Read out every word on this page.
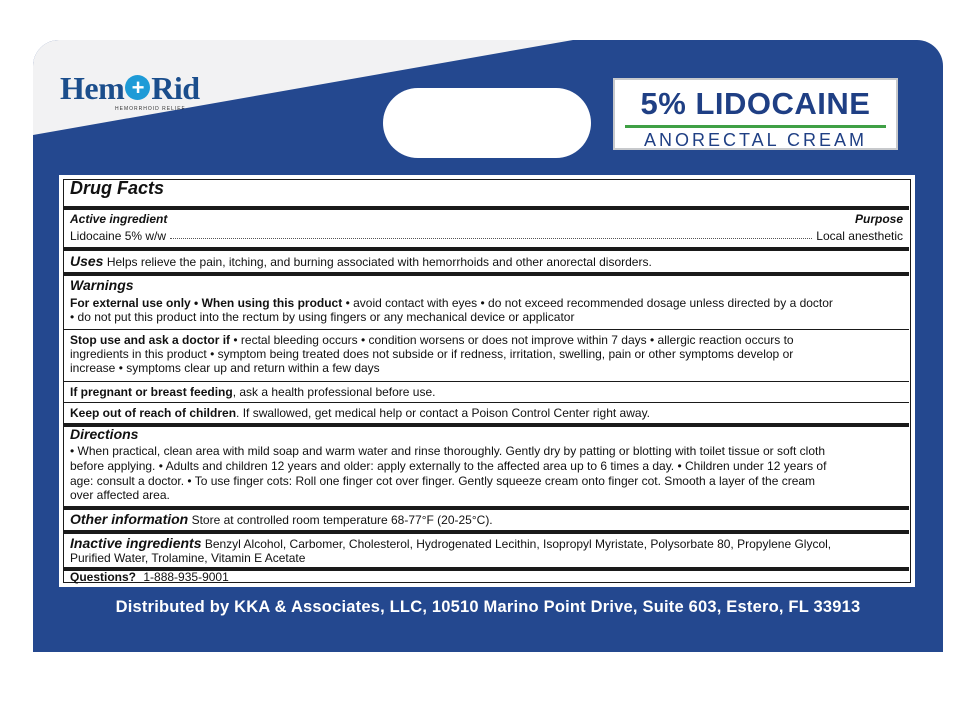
Hem + Rid
HEMORRHOID RELIEF	5% LIDOCAINE
ANORECTAL CREAM
Drug Facts
Active ingredient	Purpose
Lidocaine 5% w/w	Local anesthetic
Uses Helps relieve the pain, itching, and burning associated with hemorrhoids and other anorectal disorders.
Warnings
For external use only • When using this product • avoid contact with eyes • do not exceed recommended dosage unless directed by a doctor
• do not put this product into the rectum by using fingers or any mechanical device or applicator
Stop use and ask a doctor if • rectal bleeding occurs • condition worsens or does not improve within 7 days • allergic reaction occurs to
ingredients in this product • symptom being treated does not subside or if redness, irritation, swelling, pain or other symptoms develop or
increase • symptoms clear up and return within a few days
If pregnant or breast feeding, ask a health professional before use.
Keep out of reach of children. If swallowed, get medical help or contact a Poison Control Center right away.
Directions
• When practical, clean area with mild soap and warm water and rinse thoroughly. Gently dry by patting or blotting with toilet tissue or soft cloth
before applying. • Adults and children 12 years and older: apply externally to the affected area up to 6 times a day. • Children under 12 years of
age: consult a doctor. • To use finger cots: Roll one finger cot over finger. Gently squeeze cream onto finger cot. Smooth a layer of the cream
over affected area.
Other information Store at controlled room temperature 68-77°F (20-25°C).
Inactive ingredients Benzyl Alcohol, Carbomer, Cholesterol, Hydrogenated Lecithin, Isopropyl Myristate, Polysorbate 80, Propylene Glycol,
Purified Water, Trolamine, Vitamin E Acetate
Questions? 1-888-935-9001
Distributed by KKA & Associates, LLC, 10510 Marino Point Drive, Suite 603, Estero, FL 33913
